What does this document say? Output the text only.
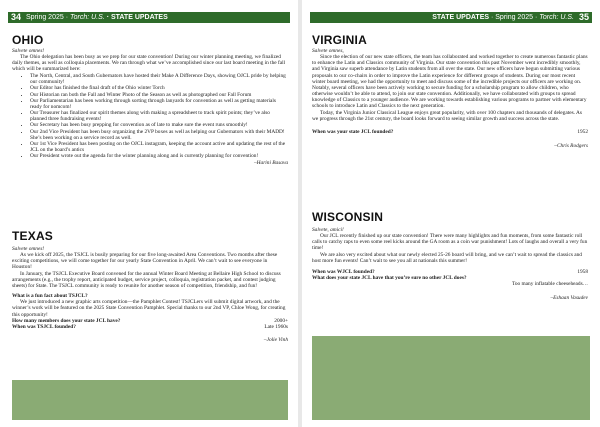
34 Spring 2025 · Torch: U.S. · STATE UPDATES
OHIO

Salvete omnes!

The Ohio delegation has been busy as we prep for our state convention! During our winter planning meeting, we finalized daily themes, as well as colloquia placements. We ran through what we’ve accomplished since our last board meeting in the fall which will be summarized here:

• The North, Central, and South Gubernators have hosted their Make A Difference Days, showing OJCL pride by helping our community!
• Our Editor has finished the final draft of the Ohio winter Torch
• Our Historian ran both the Fall and Winter Photo of the Season as well as photographed our Fall Forum
• Our Parliamentarian has been working through sorting through lanyards for convention as well as getting materials ready for nomcom!
• Our Treasurer has finalized our spirit themes along with making a spreadsheet to track spirit points; they’ve also planned three fundraising events!
• Our Secretary has been busy prepping for convention as of late to make sure the event runs smoothly!
• Our 2nd Vice President has been busy organizing the 2VP boxes as well as helping our Gubernators with their MADD! She’s been working on a service record as well.
• Our 1st Vice President has been posting on the OJCL instagram, keeping the account active and updating the rest of the JCL on the board’s antics
• Our President wrote out the agenda for the winter planning along and is currently planning for convention!

–Harini Basava

TEXAS

Salvete omnes!

As we kick off 2025, the TSJCL is busily preparing for our five long-awaited Area Conventions. Two months after these exciting competitions, we will come together for our yearly State Convention in April. We can’t wait to see everyone in Houston!

In January, the TSJCL Executive Board convened for the annual Winter Board Meeting at Bellaire High School to discuss arrangements (e.g., the trophy report, anticipated budget, service project, colloquia, registration packet, and contest judging sheets) for State. The TSJCL community is ready to reunite for another season of competition, friendship, and fun!

What is a fun fact about TSJCL?

We just introduced a new graphic arts competition—the Pamphlet Contest! TSJCLers will submit digital artwork, and the winner’s work will be featured on the 2025 State Convention Pamphlet. Special thanks to our 2nd VP, Chloe Wong, for creating this opportunity!

How many members does your state JCL have?	2000+
When was TSJCL founded?	Late 1960s

–Jolie Vinh

STATE UPDATES · Spring 2025 · Torch: U.S. 35
VIRGINIA

Salvete omnes,

Since the election of our new state officers, the team has collaborated and worked together to create numerous fantastic plans to enhance the Latin and Classics community of Virginia. Our state convention this past November went incredibly smoothly, and Virginia saw superb attendance by Latin students from all over the state. Our new officers have begun submitting various proposals to our co-chairs in order to improve the Latin experience for different groups of students. During our most recent winter board meeting, we had the opportunity to meet and discuss some of the incredible projects our officers are working on. Notably, several officers have been actively working to secure funding for a scholarship program to allow children, who otherwise wouldn’t be able to attend, to join our state convention. Additionally, we have collaborated with groups to spread knowledge of Classics to a younger audience. We are working towards establishing various programs to partner with elementary schools to introduce Latin and Classics to the next generation.

Today, the Virginia Junior Classical League enjoys great popularity, with over 100 chapters and thousands of delegates. As we progress through the 21st century, the board looks forward to seeing similar growth and success across the state.

When was your state JCL founded?	1952

–Chris Rodgers

WISCONSIN

Salvete, amici!

Our JCL recently finished up our state convention! There were many highlights and fun moments, from some fantastic roll calls to catchy raps to even some reel kicks around the GA room as a coin war punishment! Lots of laughs and overall a very fun time!

We are also very excited about what our newly elected 25-26 board will bring, and we can’t wait to spread the classics and host more fun events! Can’t wait to see you all at nationals this summer!

When was WJCL founded?	1958

What does your state JCL have that you’re sure no other JCL does?

Too many inflatable cheeseheads…

–Eshaan Vasudev
